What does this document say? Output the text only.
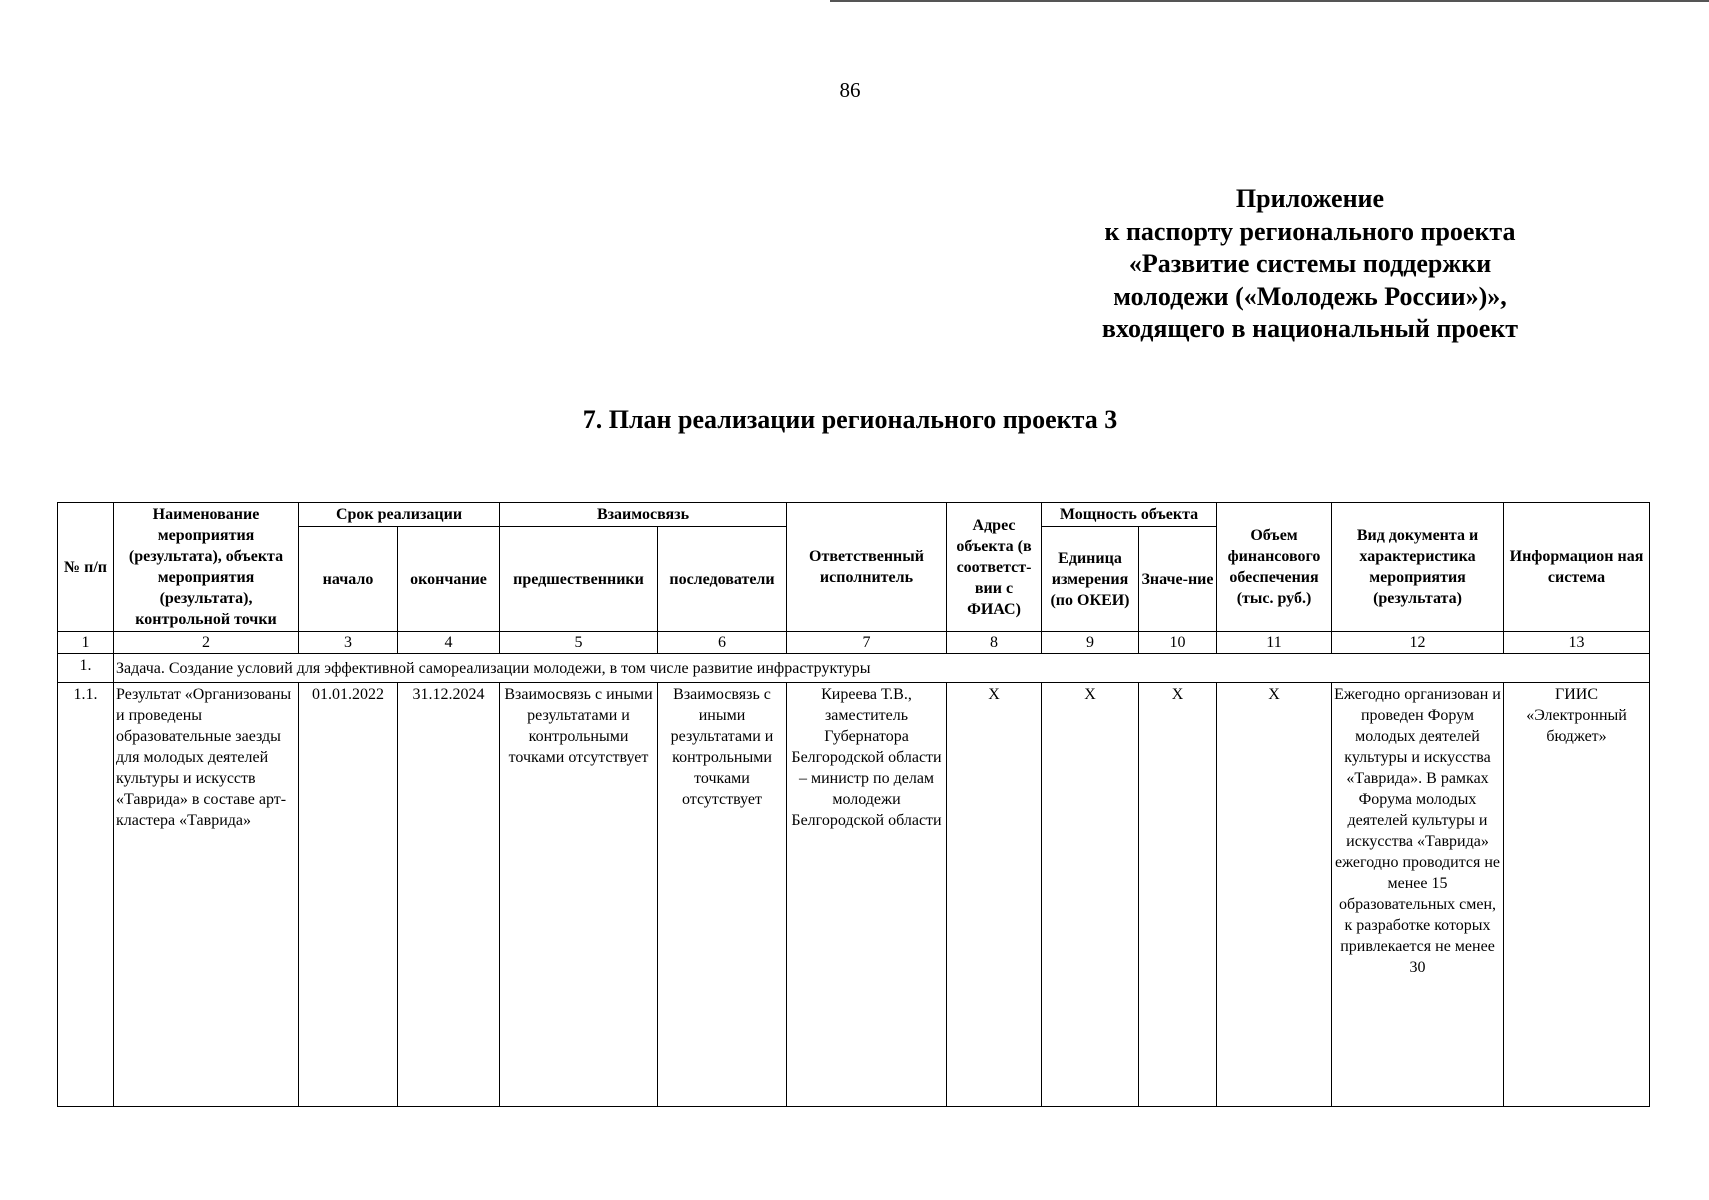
86
Приложение
к паспорту регионального проекта
«Развитие системы поддержки
молодежи («Молодежь России»)»,
входящего в национальный проект
7. План реализации регионального проекта 3
№ п/п	Наименование мероприятия (результата), объекта мероприятия (результата), контрольной точки	Срок реализации		Взаимосвязь		Ответственный исполнитель	Адрес объекта (в соответст-вии с ФИАС)	Мощность объекта		Объем финансового обеспечения (тыс. руб.)	Вид документа и характеристика мероприятия (результата)	Информацион ная система
		начало	окончание	предшественники	последователи			Единица измерения (по ОКЕИ)	Значе-ние			
1	2	3	4	5	6	7	8	9	10	11	12	13
1.	Задача. Создание условий для эффективной самореализации молодежи, в том числе развитие инфраструктуры											
1.1.	Результат «Организованы и проведены образовательные заезды для молодых деятелей культуры и искусств «Таврида» в составе арт-кластера «Таврида»	01.01.2022	31.12.2024	Взаимосвязь с иными результатами и контрольными точками отсутствует	Взаимосвязь с иными результатами и контрольными точками отсутствует	Киреева Т.В., заместитель Губернатора Белгородской области – министр по делам молодежи Белгородской области	Х	Х	Х	Х	Ежегодно организован и проведен Форум молодых деятелей культуры и искусства «Таврида». В рамках Форума молодых деятелей культуры и искусства «Таврида» ежегодно проводится не менее 15 образовательных смен, к разработке которых привлекается не менее 30	ГИИС «Электронный бюджет»
